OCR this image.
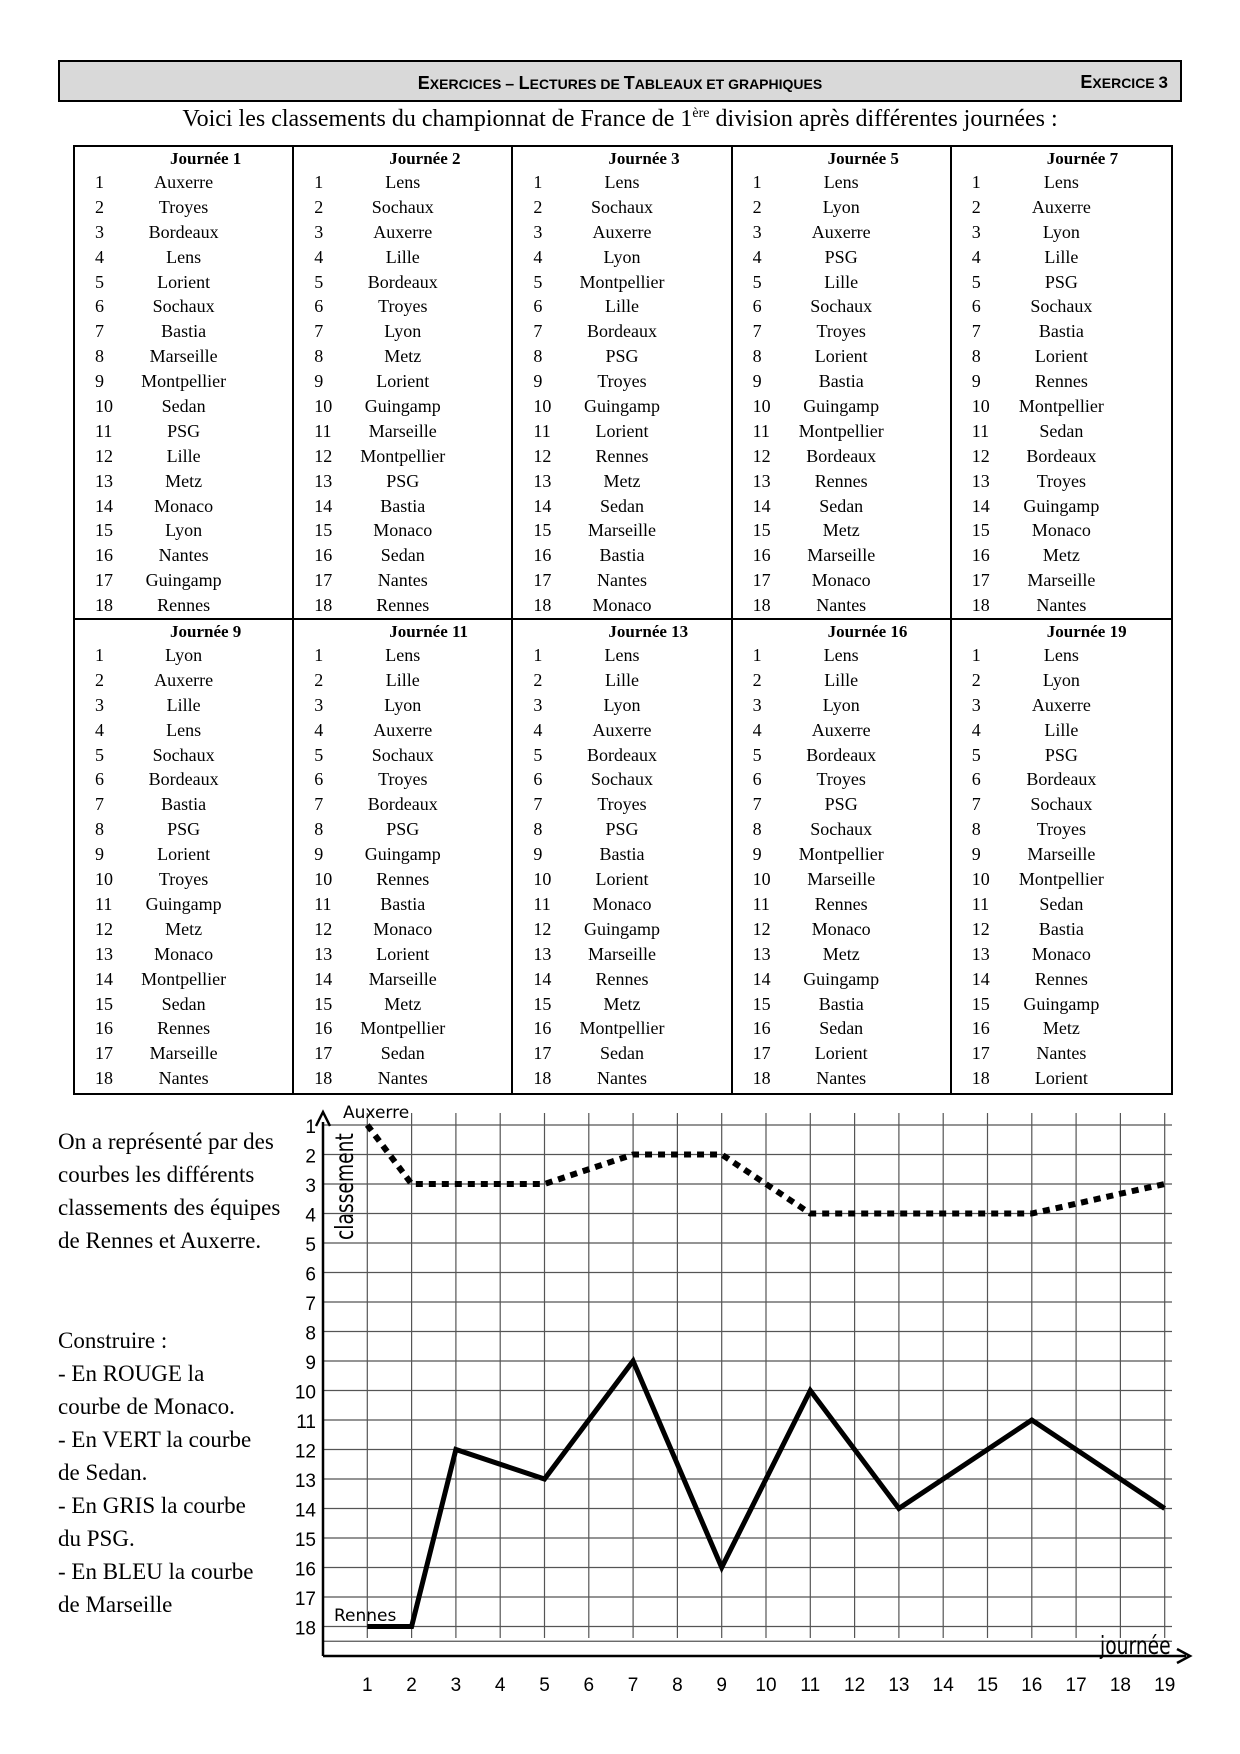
EXERCICES – LECTURES DE TABLEAUX ET GRAPHIQUES	EXERCICE 3
Voici les classements du championnat de France de 1ère division après différentes journées :
Journée 1
1	Auxerre
2	Troyes
3	Bordeaux
4	Lens
5	Lorient
6	Sochaux
7	Bastia
8	Marseille
9	Montpellier
10	Sedan
11	PSG
12	Lille
13	Metz
14	Monaco
15	Lyon
16	Nantes
17	Guingamp
18	Rennes
Journée 2
1	Lens
2	Sochaux
3	Auxerre
4	Lille
5	Bordeaux
6	Troyes
7	Lyon
8	Metz
9	Lorient
10	Guingamp
11	Marseille
12	Montpellier
13	PSG
14	Bastia
15	Monaco
16	Sedan
17	Nantes
18	Rennes
Journée 3
1	Lens
2	Sochaux
3	Auxerre
4	Lyon
5	Montpellier
6	Lille
7	Bordeaux
8	PSG
9	Troyes
10	Guingamp
11	Lorient
12	Rennes
13	Metz
14	Sedan
15	Marseille
16	Bastia
17	Nantes
18	Monaco
Journée 5
1	Lens
2	Lyon
3	Auxerre
4	PSG
5	Lille
6	Sochaux
7	Troyes
8	Lorient
9	Bastia
10	Guingamp
11	Montpellier
12	Bordeaux
13	Rennes
14	Sedan
15	Metz
16	Marseille
17	Monaco
18	Nantes
Journée 7
1	Lens
2	Auxerre
3	Lyon
4	Lille
5	PSG
6	Sochaux
7	Bastia
8	Lorient
9	Rennes
10	Montpellier
11	Sedan
12	Bordeaux
13	Troyes
14	Guingamp
15	Monaco
16	Metz
17	Marseille
18	Nantes
Journée 9
1	Lyon
2	Auxerre
3	Lille
4	Lens
5	Sochaux
6	Bordeaux
7	Bastia
8	PSG
9	Lorient
10	Troyes
11	Guingamp
12	Metz
13	Monaco
14	Montpellier
15	Sedan
16	Rennes
17	Marseille
18	Nantes
Journée 11
1	Lens
2	Lille
3	Lyon
4	Auxerre
5	Sochaux
6	Troyes
7	Bordeaux
8	PSG
9	Guingamp
10	Rennes
11	Bastia
12	Monaco
13	Lorient
14	Marseille
15	Metz
16	Montpellier
17	Sedan
18	Nantes
Journée 13
1	Lens
2	Lille
3	Lyon
4	Auxerre
5	Bordeaux
6	Sochaux
7	Troyes
8	PSG
9	Bastia
10	Lorient
11	Monaco
12	Guingamp
13	Marseille
14	Rennes
15	Metz
16	Montpellier
17	Sedan
18	Nantes
Journée 16
1	Lens
2	Lille
3	Lyon
4	Auxerre
5	Bordeaux
6	Troyes
7	PSG
8	Sochaux
9	Montpellier
10	Marseille
11	Rennes
12	Monaco
13	Metz
14	Guingamp
15	Bastia
16	Sedan
17	Lorient
18	Nantes
Journée 19
1	Lens
2	Lyon
3	Auxerre
4	Lille
5	PSG
6	Bordeaux
7	Sochaux
8	Troyes
9	Marseille
10	Montpellier
11	Sedan
12	Bastia
13	Monaco
14	Rennes
15	Guingamp
16	Metz
17	Nantes
18	Lorient

On a représenté par des

courbes les différents

classements des équipes

de Rennes et Auxerre.

Construire :

- En ROUGE la

courbe de Monaco.

- En VERT la courbe

de Sedan.

- En GRIS la courbe

du PSG.

- En BLEU la courbe

de Marseille

1
2
3
4
5
6
7
8
9
10
11
12
13
14
15
16
17
18
1 2 3 4 5 6 7 8 9 10 11 12 13 14 15 16 17 18 19
classement
journée
Auxerre
Rennes
